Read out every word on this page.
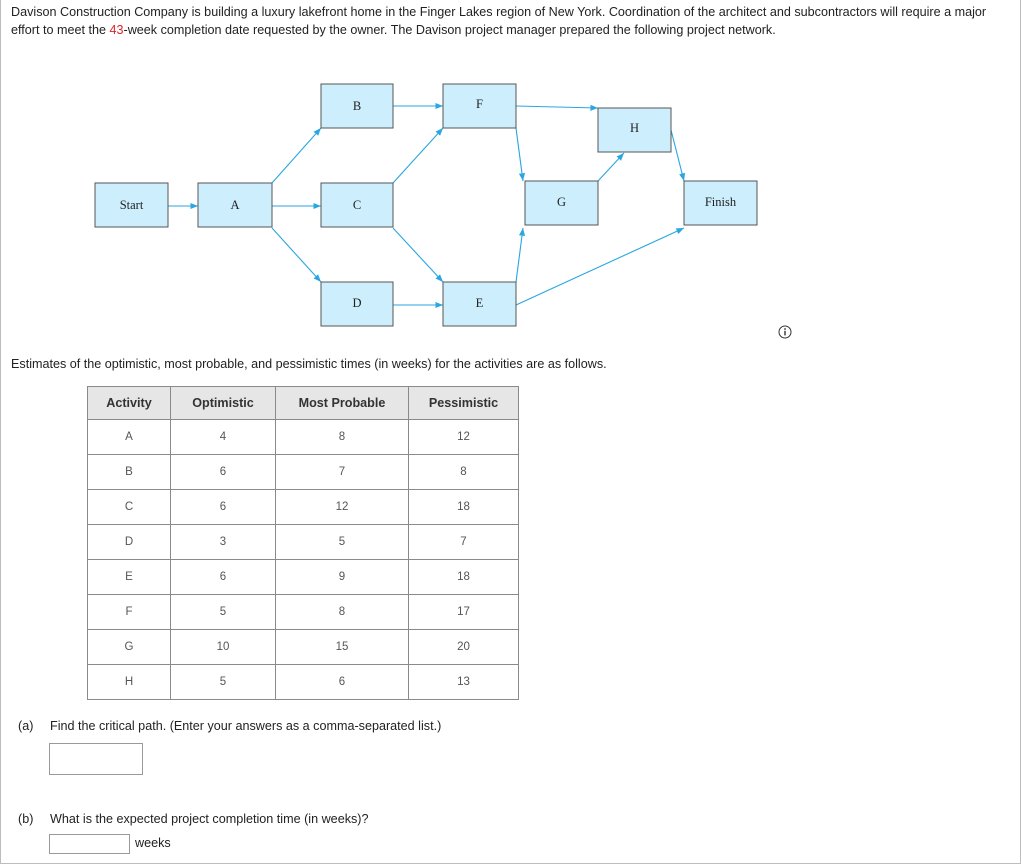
Davison Construction Company is building a luxury lakefront home in the Finger Lakes region of New York. Coordination of the architect and subcontractors will require a major effort to meet the 43-week completion date requested by the owner. The Davison project manager prepared the following project network.
Start	A
B
C
D
F
E
G
H
Finish
Estimates of the optimistic, most probable, and pessimistic times (in weeks) for the activities are as follows.
Activity	Optimistic	Most Probable	Pessimistic
A	4	8	12
B	6	7	8
C	6	12	18
D	3	5	7
E	6	9	18
F	5	8	17
G	10	15	20
H	5	6	13
(a) Find the critical path. (Enter your answers as a comma-separated list.)
(b) What is the expected project completion time (in weeks)?
weeks
